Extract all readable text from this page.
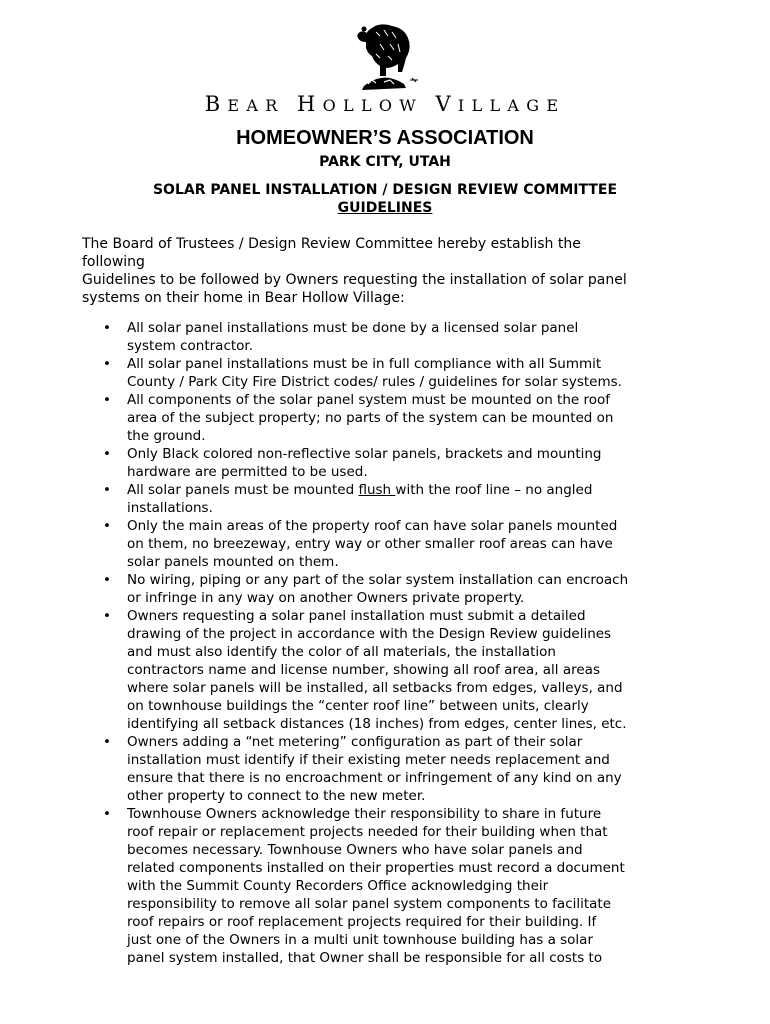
BEAR HOLLOW VILLAGE
HOMEOWNER’S ASSOCIATION
PARK CITY, UTAH
SOLAR PANEL INSTALLATION / DESIGN REVIEW COMMITTEE
GUIDELINES

The Board of Trustees / Design Review Committee hereby establish the

following

Guidelines to be followed by Owners requesting the installation of solar panel

systems on their home in Bear Hollow Village:

• All solar panel installations must be done by a licensed solar panel
system contractor.
• All solar panel installations must be in full compliance with all Summit
County / Park City Fire District codes/ rules / guidelines for solar systems.
• All components of the solar panel system must be mounted on the roof
area of the subject property; no parts of the system can be mounted on
the ground.
• Only Black colored non-reflective solar panels, brackets and mounting
hardware are permitted to be used.
• All solar panels must be mounted flush with the roof line – no angled
installations.
• Only the main areas of the property roof can have solar panels mounted
on them, no breezeway, entry way or other smaller roof areas can have
solar panels mounted on them.
• No wiring, piping or any part of the solar system installation can encroach
or infringe in any way on another Owners private property.
• Owners requesting a solar panel installation must submit a detailed
drawing of the project in accordance with the Design Review guidelines
and must also identify the color of all materials, the installation
contractors name and license number, showing all roof area, all areas
where solar panels will be installed, all setbacks from edges, valleys, and
on townhouse buildings the “center roof line” between units, clearly
identifying all setback distances (18 inches) from edges, center lines, etc.
• Owners adding a “net metering” configuration as part of their solar
installation must identify if their existing meter needs replacement and
ensure that there is no encroachment or infringement of any kind on any
other property to connect to the new meter.
• Townhouse Owners acknowledge their responsibility to share in future
roof repair or replacement projects needed for their building when that
becomes necessary. Townhouse Owners who have solar panels and
related components installed on their properties must record a document
with the Summit County Recorders Office acknowledging their
responsibility to remove all solar panel system components to facilitate
roof repairs or roof replacement projects required for their building. If
just one of the Owners in a multi unit townhouse building has a solar
panel system installed, that Owner shall be responsible for all costs to
